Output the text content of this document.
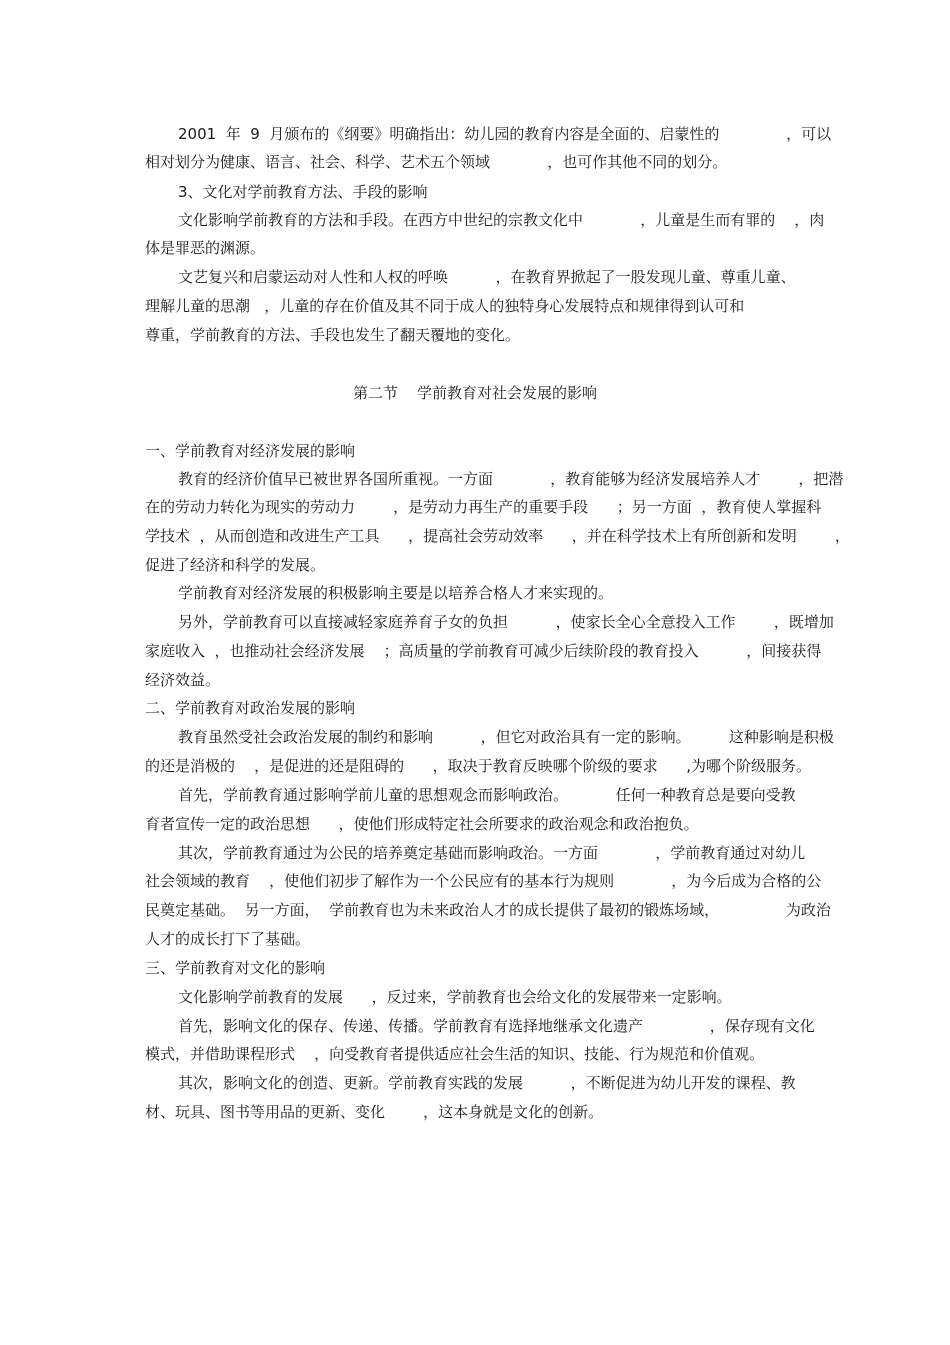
2001  年  9  月颁布的《纲要》明确指出：幼儿园的教育内容是全面的、启蒙性的              ，可以
相对划分为健康、语言、社会、科学、艺术五个领域            ，也可作其他不同的划分。
3、文化对学前教育方法、手段的影响
文化影响学前教育的方法和手段。在西方中世纪的宗教文化中            ，儿童是生而有罪的    ，肉
体是罪恶的渊源。
文艺复兴和启蒙运动对人性和人权的呼唤          ，在教育界掀起了一股发现儿童、尊重儿童、
理解儿童的思潮   ，儿童的存在价值及其不同于成人的独特身心发展特点和规律得到认可和
尊重，学前教育的方法、手段也发生了翻天覆地的变化。
第二节    学前教育对社会发展的影响
一、学前教育对经济发展的影响
教育的经济价值早已被世界各国所重视。一方面            ，教育能够为经济发展培养人才        ，把潜
在的劳动力转化为现实的劳动力        ，是劳动力再生产的重要手段      ；另一方面  ，教育使人掌握科
学技术  ，从而创造和改进生产工具      ，提高社会劳动效率      ，并在科学技术上有所创新和发明        ，
促进了经济和科学的发展。
学前教育对经济发展的积极影响主要是以培养合格人才来实现的。
另外，学前教育可以直接减轻家庭养育子女的负担          ，使家长全心全意投入工作        ，既增加
家庭收入  ，也推动社会经济发展    ；高质量的学前教育可减少后续阶段的教育投入          ，间接获得
经济效益。
二、学前教育对政治发展的影响
教育虽然受社会政治发展的制约和影响          ，但它对政治具有一定的影响。        这种影响是积极
的还是消极的    ，是促进的还是阻碍的      ，取决于教育反映哪个阶级的要求      ,为哪个阶级服务。
首先，学前教育通过影响学前儿童的思想观念而影响政治。          任何一种教育总是要向受教
育者宣传一定的政治思想      ，使他们形成特定社会所要求的政治观念和政治抱负。
其次，学前教育通过为公民的培养奠定基础而影响政治。一方面            ，学前教育通过对幼儿
社会领域的教育    ，使他们初步了解作为一个公民应有的基本行为规则            ，为今后成为合格的公
民奠定基础。  另一方面，  学前教育也为未来政治人才的成长提供了最初的锻炼场域，              为政治
人才的成长打下了基础。
三、学前教育对文化的影响
文化影响学前教育的发展      ，反过来，学前教育也会给文化的发展带来一定影响。
首先，影响文化的保存、传递、传播。学前教育有选择地继承文化遗产              ，保存现有文化
模式，并借助课程形式    ，向受教育者提供适应社会生活的知识、技能、行为规范和价值观。
其次，影响文化的创造、更新。学前教育实践的发展          ，不断促进为幼儿开发的课程、教
材、玩具、图书等用品的更新、变化        ，这本身就是文化的创新。
